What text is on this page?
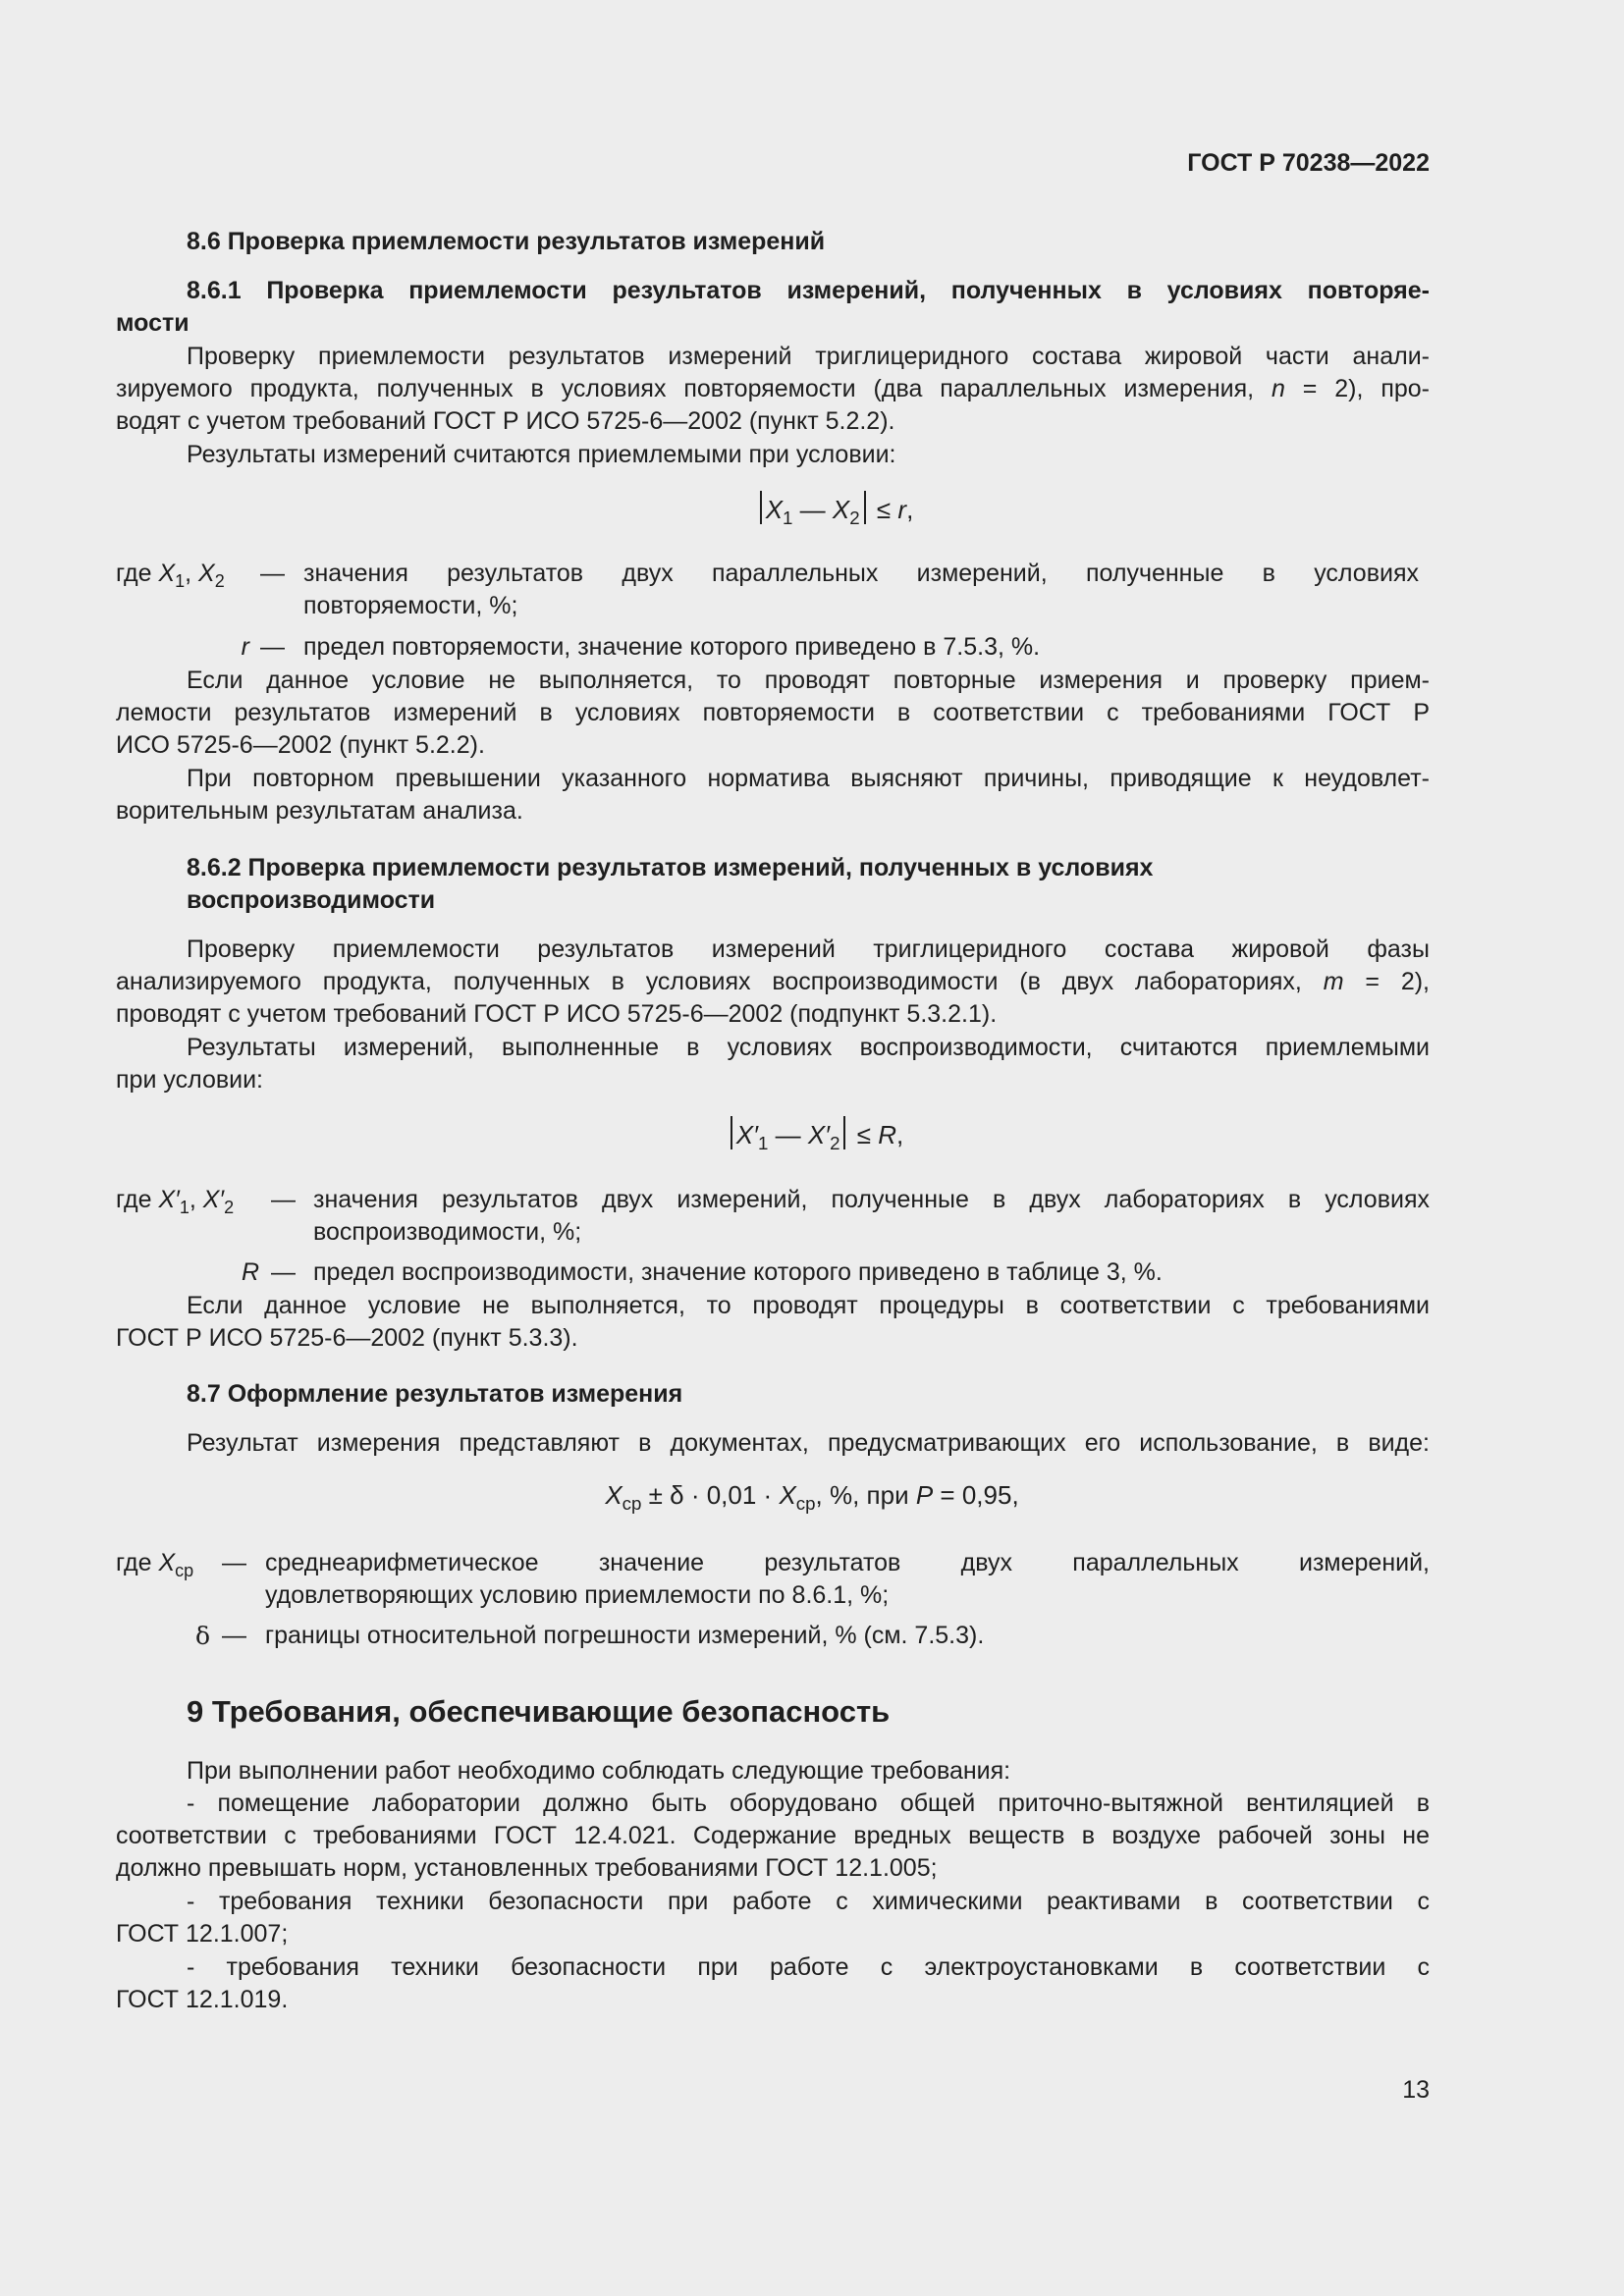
ГОСТ Р 70238—2022
8.6 Проверка приемлемости результатов измерений
8.6.1 Проверка приемлемости результатов измерений, полученных в условиях повторяе-
мости
Проверку приемлемости результатов измерений триглицеридного состава жировой части анали-
зируемого продукта, полученных в условиях повторяемости (два параллельных измерения, n = 2), про-
водят с учетом требований ГОСТ Р ИСО 5725-6—2002 (пункт 5.2.2).
Результаты измерений считаются приемлемыми при условии:
$X_1$ — $X_2 \le r$,
где $X_1$, $X_2$	— значения результатов двух параллельных измерений, полученные в условиях
повторяемости, %;
r — предел повторяемости, значение которого приведено в 7.5.3, %.
Если данное условие не выполняется, то проводят повторные измерения и проверку прием-
лемости результатов измерений в условиях повторяемости в соответствии с требованиями ГОСТ Р
ИСО 5725-6—2002 (пункт 5.2.2).
При повторном превышении указанного норматива выясняют причины, приводящие к неудовлет-
ворительным результатам анализа.
8.6.2 Проверка приемлемости результатов измерений, полученных в условиях
воспроизводимости
Проверку приемлемости результатов измерений триглицеридного состава жировой фазы
анализируемого продукта, полученных в условиях воспроизводимости (в двух лабораториях, m = 2),
проводят с учетом требований ГОСТ Р ИСО 5725-6—2002 (подпункт 5.3.2.1).
Результаты измерений, выполненные в условиях воспроизводимости, считаются приемлемыми
при условии:
$X'_1$ — $X'_2 \le R$,
где $X'_1$, $X'_2$	— значения результатов двух измерений, полученные в двух лабораториях в условиях
воспроизводимости, %;
R — предел воспроизводимости, значение которого приведено в таблице 3, %.
Если данное условие не выполняется, то проводят процедуры в соответствии с требованиями
ГОСТ Р ИСО 5725-6—2002 (пункт 5.3.3).
8.7 Оформление результатов измерения
Результат измерения представляют в документах, предусматривающих его использование, в виде:
$X_{ср} \pm \delta \cdot 0,01 \cdot X_{ср}$, %, при P = 0,95,
где $X_{ср}$	— среднеарифметическое значение результатов двух параллельных измерений,
удовлетворяющих условию приемлемости по 8.6.1, %;
δ — границы относительной погрешности измерений, % (см. 7.5.3).
9 Требования, обеспечивающие безопасность
При выполнении работ необходимо соблюдать следующие требования:
- помещение лаборатории должно быть оборудовано общей приточно-вытяжной вентиляцией в
соответствии с требованиями ГОСТ 12.4.021. Содержание вредных веществ в воздухе рабочей зоны не
должно превышать норм, установленных требованиями ГОСТ 12.1.005;
- требования техники безопасности при работе с химическими реактивами в соответствии с
ГОСТ 12.1.007;
- требования техники безопасности при работе с электроустановками в соответствии с
ГОСТ 12.1.019.
13
